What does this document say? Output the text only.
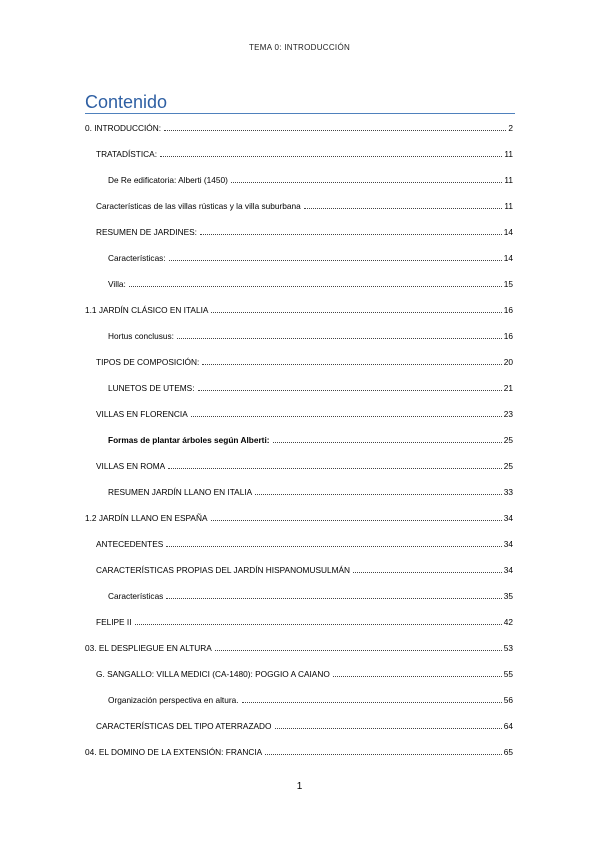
TEMA 0: INTRODUCCIÓN
Contenido
0. INTRODUCCIÓN:	2
TRATADÍSTICA:	11
De Re edificatoria: Alberti (1450)	11
Características de las villas rústicas y la villa suburbana	11
RESUMEN DE JARDINES:	14
Características:	14
Villa:	15
1.1 JARDÍN CLÁSICO EN ITALIA	16
Hortus conclusus:	16
TIPOS DE COMPOSICIÓN:	20
LUNETOS DE UTEMS:	21
VILLAS EN FLORENCIA	23
Formas de plantar árboles según Alberti:	25
VILLAS EN ROMA	25
RESUMEN JARDÍN LLANO EN ITALIA	33
1.2 JARDÍN LLANO EN ESPAÑA	34
ANTECEDENTES	34
CARACTERÍSTICAS PROPIAS DEL JARDÍN HISPANOMUSULMÁN	34
Características	35
FELIPE II	42
03. EL DESPLIEGUE EN ALTURA	53
G. SANGALLO: VILLA MEDICI (CA-1480): POGGIO A CAIANO	55
Organización perspectiva en altura.	56
CARACTERÍSTICAS DEL TIPO ATERRAZADO	64
04. EL DOMINO DE LA EXTENSIÓN: FRANCIA	65
1
